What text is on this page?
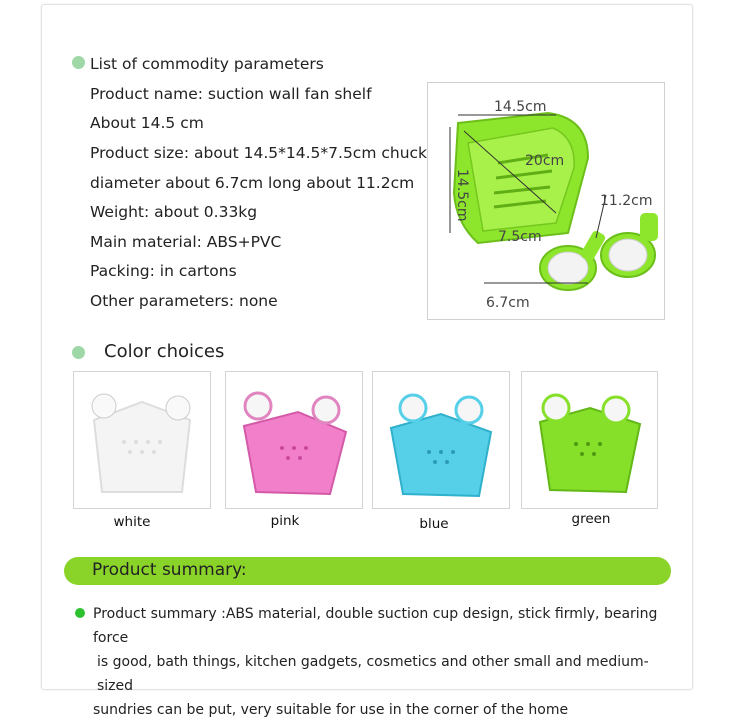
List of commodity parameters
Product name: suction wall fan shelf
About 14.5 cm
Product size: about 14.5*14.5*7.5cm chuck
diameter about 6.7cm long about 11.2cm
Weight: about 0.33kg
Main material: ABS+PVC
Packing: in cartons
Other parameters: none
14.5cm
20cm
14.5cm	11.2cm
7.5cm
6.7cm
Color choices
white	pink	blue	green
Product summary:
Product summary :ABS material, double suction cup design, stick firmly, bearing force
is good, bath things, kitchen gadgets, cosmetics and other small and medium-sized
sundries can be put, very suitable for use in the corner of the home
